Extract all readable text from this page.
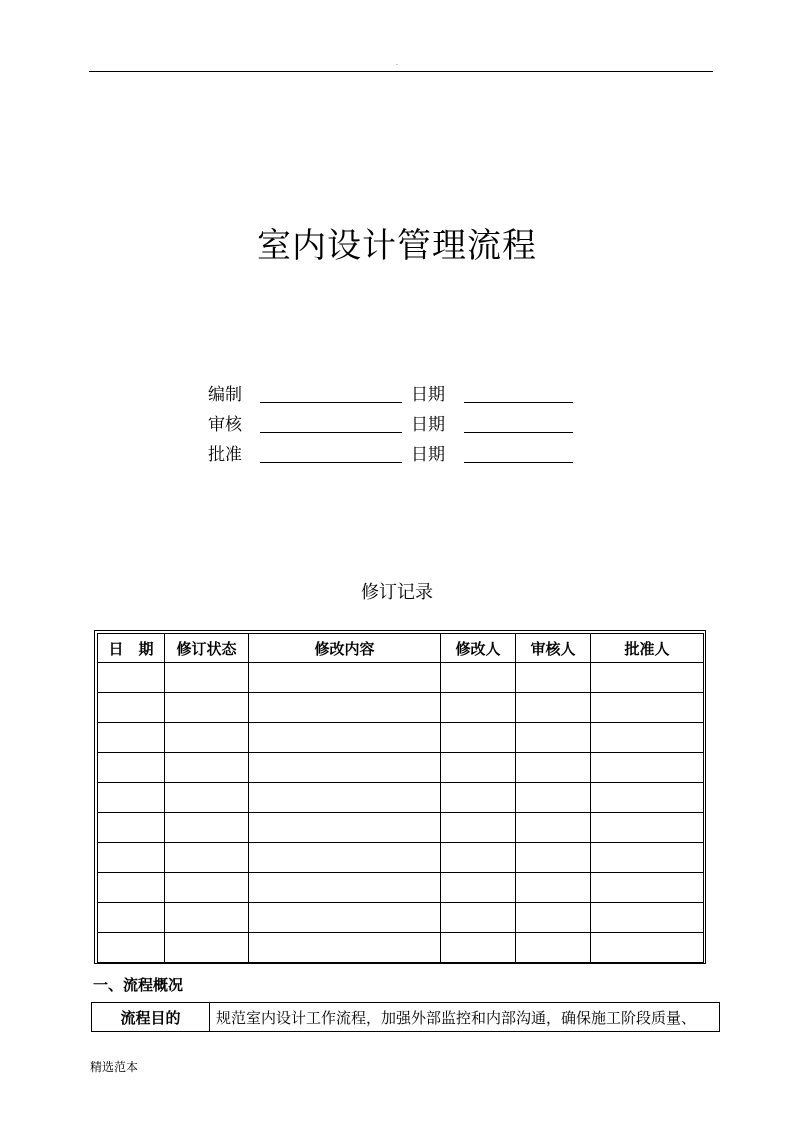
.
室内设计管理流程
编制	日期
审核	日期
批准	日期
修订记录
日　期	修订状态	修改内容	修改人	审核人	批准人

一、流程概况
流程目的	规范室内设计工作流程，加强外部监控和内部沟通，确保施工阶段质量、
精选范本
